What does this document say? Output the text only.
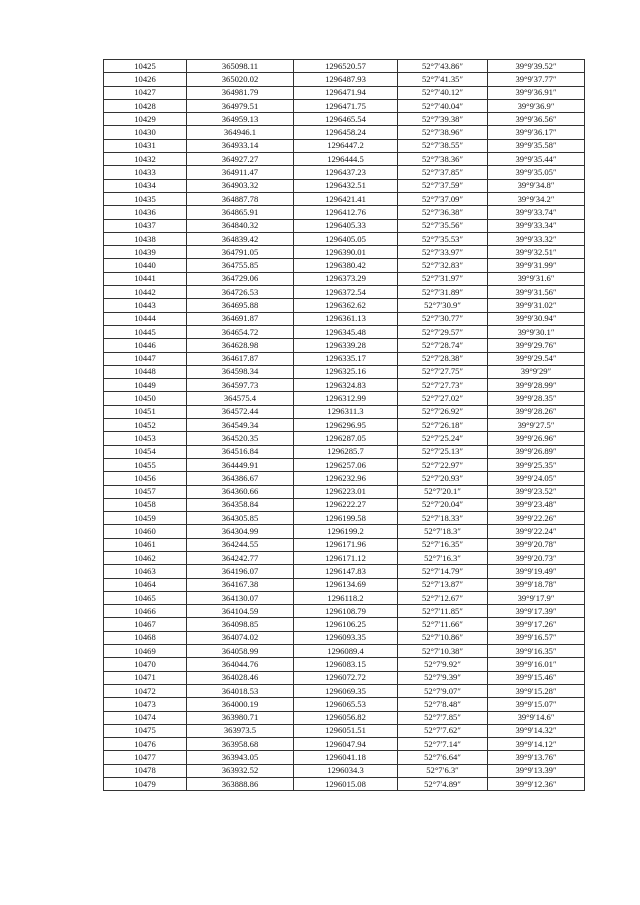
10425	365098.11	1296520.57	52°7′43.86″	39°9′39.52″
10426	365020.02	1296487.93	52°7′41.35″	39°9′37.77″
10427	364981.79	1296471.94	52°7′40.12″	39°9′36.91″
10428	364979.51	1296471.75	52°7′40.04″	39°9′36.9″
10429	364959.13	1296465.54	52°7′39.38″	39°9′36.56″
10430	364946.1	1296458.24	52°7′38.96″	39°9′36.17″
10431	364933.14	1296447.2	52°7′38.55″	39°9′35.58″
10432	364927.27	1296444.5	52°7′38.36″	39°9′35.44″
10433	364911.47	1296437.23	52°7′37.85″	39°9′35.05″
10434	364903.32	1296432.51	52°7′37.59″	39°9′34.8″
10435	364887.78	1296421.41	52°7′37.09″	39°9′34.2″
10436	364865.91	1296412.76	52°7′36.38″	39°9′33.74″
10437	364840.32	1296405.33	52°7′35.56″	39°9′33.34″
10438	364839.42	1296405.05	52°7′35.53″	39°9′33.32″
10439	364791.05	1296390.01	52°7′33.97″	39°9′32.51″
10440	364755.85	1296380.42	52°7′32.83″	39°9′31.99″
10441	364729.06	1296373.29	52°7′31.97″	39°9′31.6″
10442	364726.53	1296372.54	52°7′31.89″	39°9′31.56″
10443	364695.88	1296362.62	52°7′30.9″	39°9′31.02″
10444	364691.87	1296361.13	52°7′30.77″	39°9′30.94″
10445	364654.72	1296345.48	52°7′29.57″	39°9′30.1″
10446	364628.98	1296339.28	52°7′28.74″	39°9′29.76″
10447	364617.87	1296335.17	52°7′28.38″	39°9′29.54″
10448	364598.34	1296325.16	52°7′27.75″	39°9′29″
10449	364597.73	1296324.83	52°7′27.73″	39°9′28.99″
10450	364575.4	1296312.99	52°7′27.02″	39°9′28.35″
10451	364572.44	1296311.3	52°7′26.92″	39°9′28.26″
10452	364549.34	1296296.95	52°7′26.18″	39°9′27.5″
10453	364520.35	1296287.05	52°7′25.24″	39°9′26.96″
10454	364516.84	1296285.7	52°7′25.13″	39°9′26.89″
10455	364449.91	1296257.06	52°7′22.97″	39°9′25.35″
10456	364386.67	1296232.96	52°7′20.93″	39°9′24.05″
10457	364360.66	1296223.01	52°7′20.1″	39°9′23.52″
10458	364358.84	1296222.27	52°7′20.04″	39°9′23.48″
10459	364305.85	1296199.58	52°7′18.33″	39°9′22.26″
10460	364304.99	1296199.2	52°7′18.3″	39°9′22.24″
10461	364244.55	1296171.96	52°7′16.35″	39°9′20.78″
10462	364242.77	1296171.12	52°7′16.3″	39°9′20.73″
10463	364196.07	1296147.83	52°7′14.79″	39°9′19.49″
10464	364167.38	1296134.69	52°7′13.87″	39°9′18.78″
10465	364130.07	1296118.2	52°7′12.67″	39°9′17.9″
10466	364104.59	1296108.79	52°7′11.85″	39°9′17.39″
10467	364098.85	1296106.25	52°7′11.66″	39°9′17.26″
10468	364074.02	1296093.35	52°7′10.86″	39°9′16.57″
10469	364058.99	1296089.4	52°7′10.38″	39°9′16.35″
10470	364044.76	1296083.15	52°7′9.92″	39°9′16.01″
10471	364028.46	1296072.72	52°7′9.39″	39°9′15.46″
10472	364018.53	1296069.35	52°7′9.07″	39°9′15.28″
10473	364000.19	1296065.53	52°7′8.48″	39°9′15.07″
10474	363980.71	1296056.82	52°7′7.85″	39°9′14.6″
10475	363973.5	1296051.51	52°7′7.62″	39°9′14.32″
10476	363958.68	1296047.94	52°7′7.14″	39°9′14.12″
10477	363943.05	1296041.18	52°7′6.64″	39°9′13.76″
10478	363932.52	1296034.3	52°7′6.3″	39°9′13.39″
10479	363888.86	1296015.08	52°7′4.89″	39°9′12.36″
